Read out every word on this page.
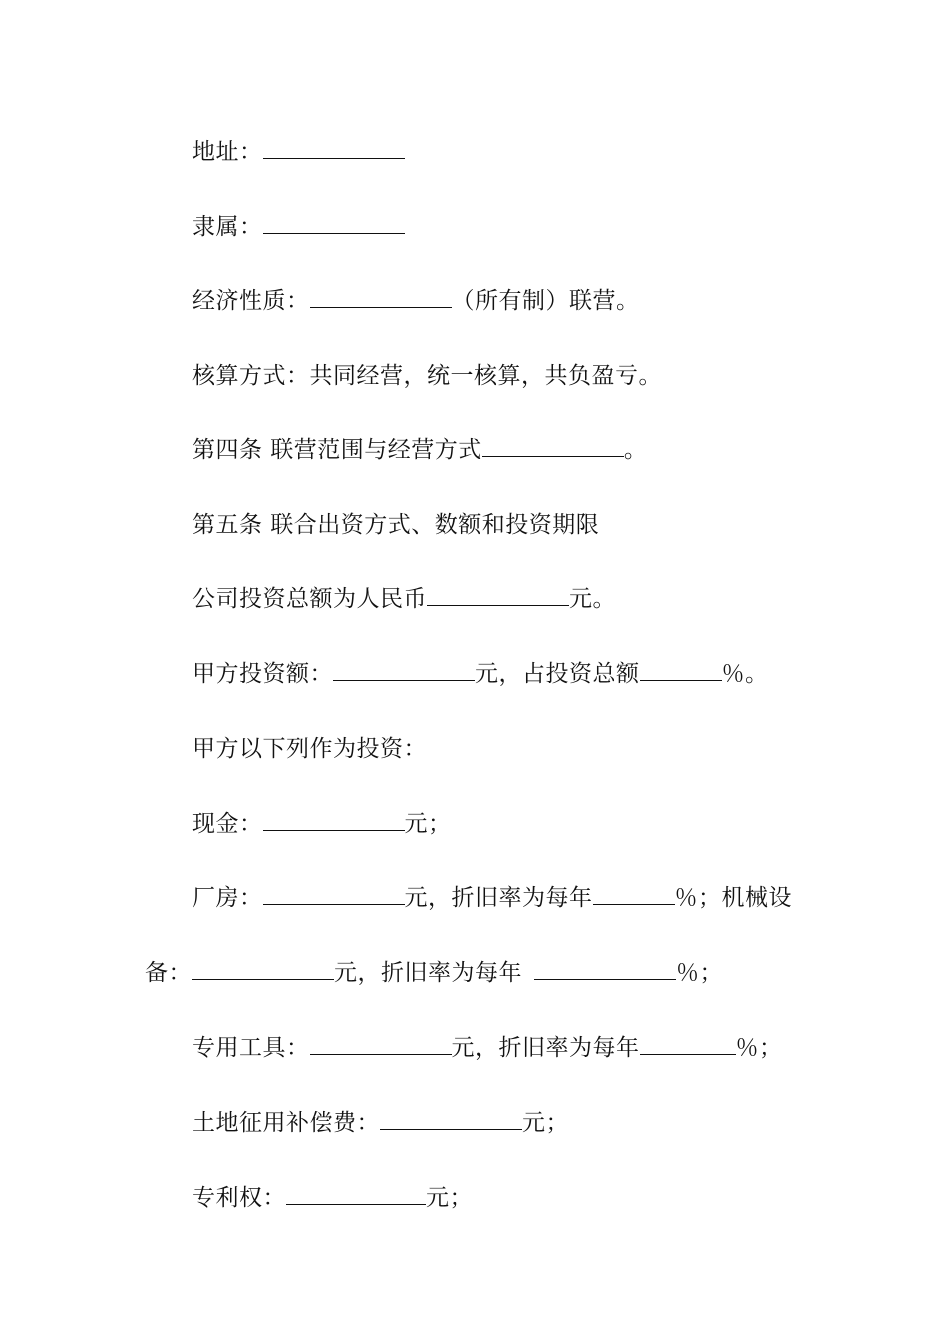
地址：
隶属：
经济性质：	（所有制）联营。
核算方式：共同经营，统一核算，共负盈亏。
第四条 联营范围与经营方式	。
第五条 联合出资方式、数额和投资期限
公司投资总额为人民币	元。
甲方投资额：	元，占投资总额	％。
甲方以下列作为投资：
现金：	元；
厂房：	元，折旧率为每年	％；机械设
备：	元，折旧率为每年	％；
专用工具：	元，折旧率为每年	％；
土地征用补偿费：	元；
专利权：	元；
